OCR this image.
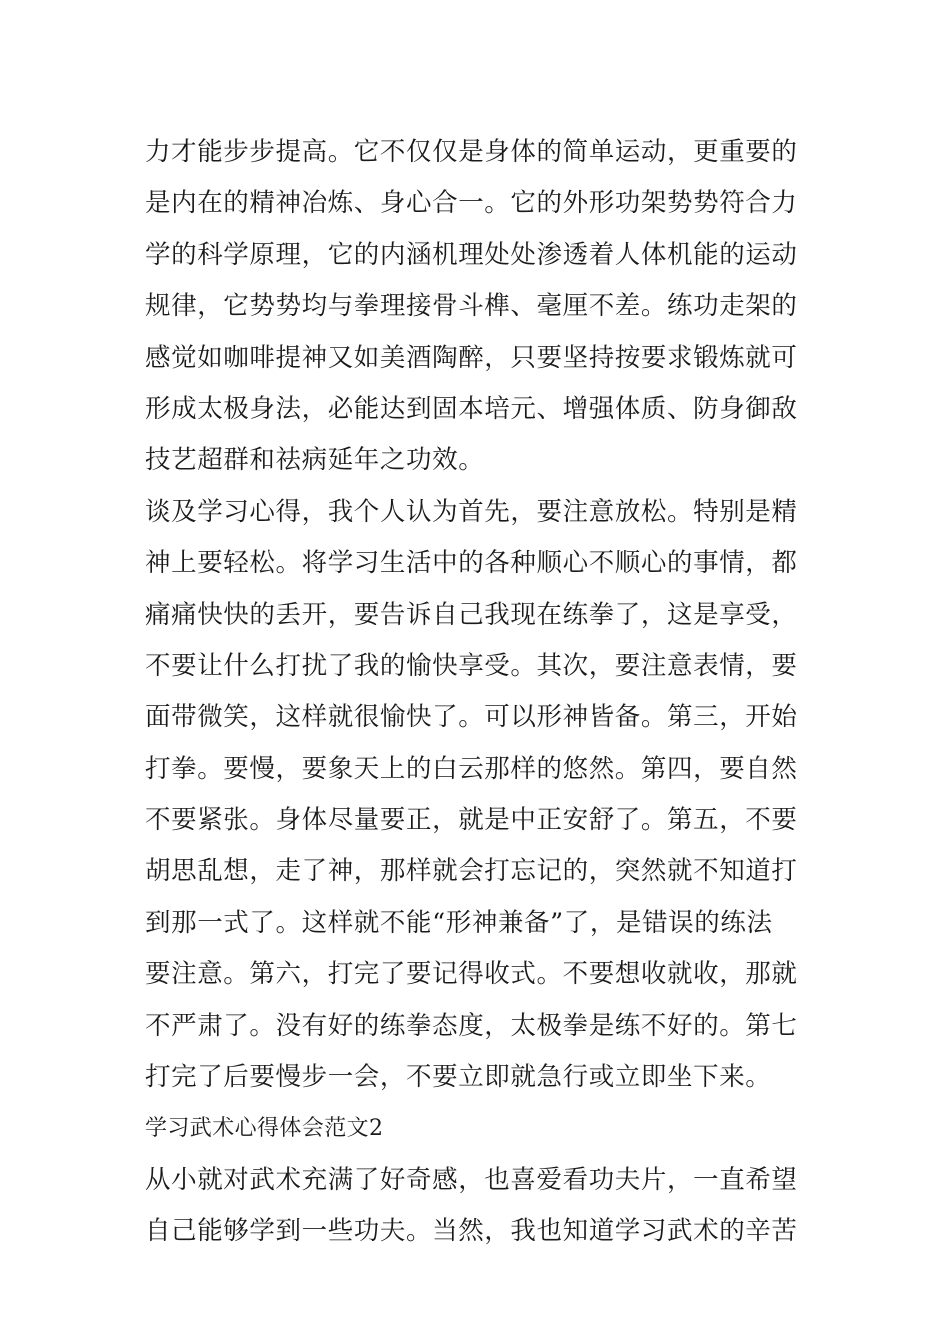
力才能步步提高。它不仅仅是身体的简单运动，更重要的
是内在的精神冶炼、身心合一。它的外形功架势势符合力
学的科学原理，它的内涵机理处处渗透着人体机能的运动
规律，它势势均与拳理接骨斗榫、毫厘不差。练功走架的
感觉如咖啡提神又如美酒陶醉，只要坚持按要求锻炼就可
形成太极身法，必能达到固本培元、增强体质、防身御敌
技艺超群和祛病延年之功效。
谈及学习心得，我个人认为首先，要注意放松。特别是精
神上要轻松。将学习生活中的各种顺心不顺心的事情，都
痛痛快快的丢开，要告诉自己我现在练拳了，这是享受，
不要让什么打扰了我的愉快享受。其次，要注意表情，要
面带微笑，这样就很愉快了。可以形神皆备。第三，开始
打拳。要慢，要象天上的白云那样的悠然。第四，要自然
不要紧张。身体尽量要正，就是中正安舒了。第五，不要
胡思乱想，走了神，那样就会打忘记的，突然就不知道打
到那一式了。这样就不能“形神兼备”了，是错误的练法
要注意。第六，打完了要记得收式。不要想收就收，那就
不严肃了。没有好的练拳态度，太极拳是练不好的。第七
打完了后要慢步一会，不要立即就急行或立即坐下来。
学习武术心得体会范文2
从小就对武术充满了好奇感，也喜爱看功夫片，一直希望
自己能够学到一些功夫。当然，我也知道学习武术的辛苦
